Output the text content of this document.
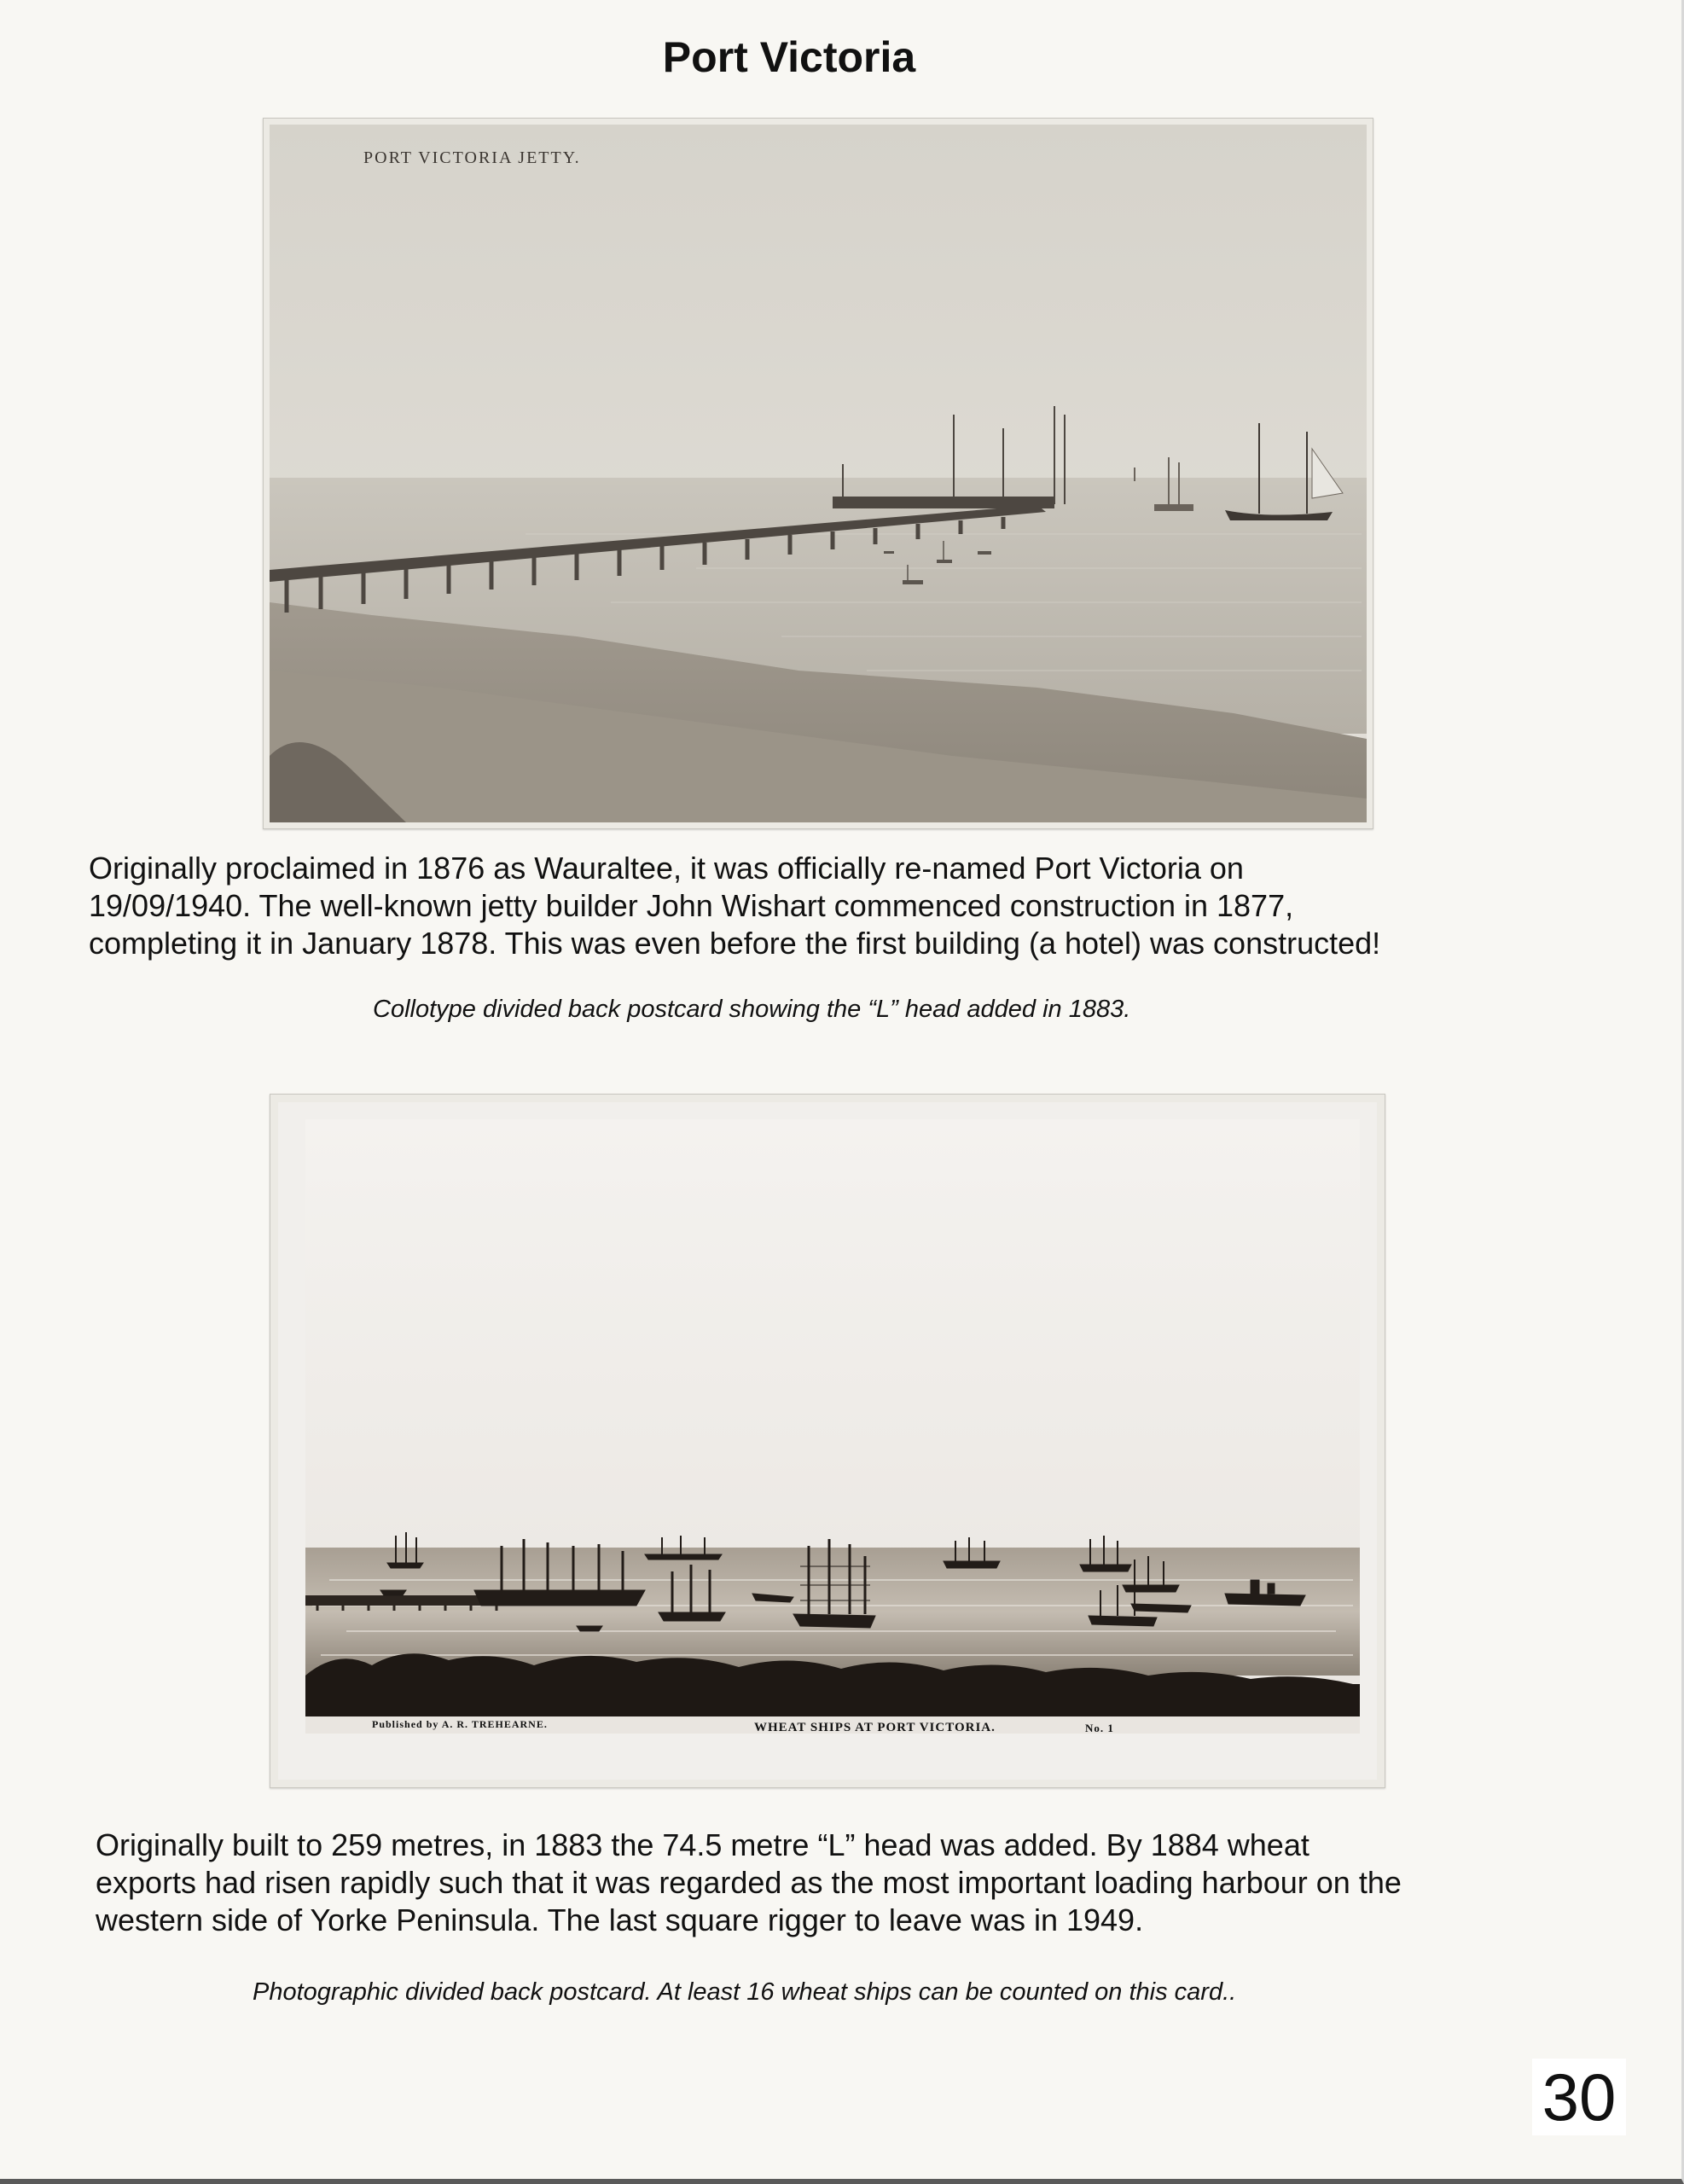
Port Victoria
PORT VICTORIA JETTY.
Originally proclaimed in 1876 as Wauraltee, it was officially re-named Port Victoria on
19/09/1940. The well-known jetty builder John Wishart commenced construction in 1877,
completing it in January 1878. This was even before the first building (a hotel) was constructed!
Collotype divided back postcard showing the “L” head added in 1883.
Published by A. R. TREHEARNE.	WHEAT SHIPS AT PORT VICTORIA.	No. 1
Originally built to 259 metres, in 1883 the 74.5 metre “L” head was added. By 1884 wheat
exports had risen rapidly such that it was regarded as the most important loading harbour on the
western side of Yorke Peninsula. The last square rigger to leave was in 1949.
Photographic divided back postcard. At least 16 wheat ships can be counted on this card..
30
